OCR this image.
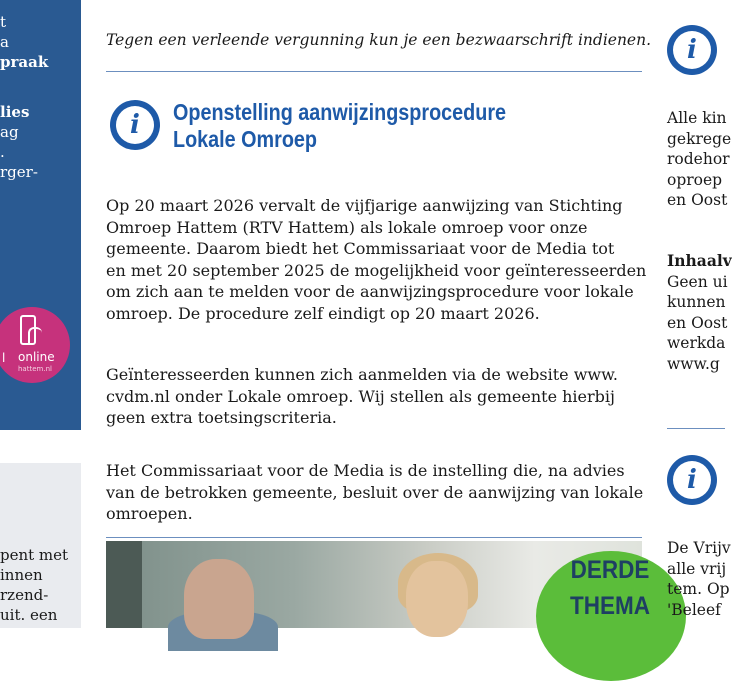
t
a
praak
lies
ag
.
rger-
l online
hattem.nl
pent met
innen
rzend-
uit. een
Tegen een verleende vergunning kun je een bezwaarschrift indienen.
i	Openstelling aanwijzingsprocedure
Lokale Omroep
Op 20 maart 2026 vervalt de vijfjarige aanwijzing van Stichting
Omroep Hattem (RTV Hattem) als lokale omroep voor onze
gemeente. Daarom biedt het Commissariaat voor de Media tot
en met 20 september 2025 de mogelijkheid voor geïnteresseerden
om zich aan te melden voor de aanwijzingsprocedure voor lokale
omroep. De procedure zelf eindigt op 20 maart 2026.
Geïnteresseerden kunnen zich aanmelden via de website www.
cvdm.nl onder Lokale omroep. Wij stellen als gemeente hierbij
geen extra toetsingscriteria.
Het Commissariaat voor de Media is de instelling die, na advies
van de betrokken gemeente, besluit over de aanwijzing van lokale
omroepen.
DERDE
THEMA
i
Alle kin
gekrege
rodehor
oproep
en Oost
Inhaalv
Geen ui
kunnen
en Oost
werkda
www.g
i
De Vrijv
alle vrij
tem. Op
'Beleef
